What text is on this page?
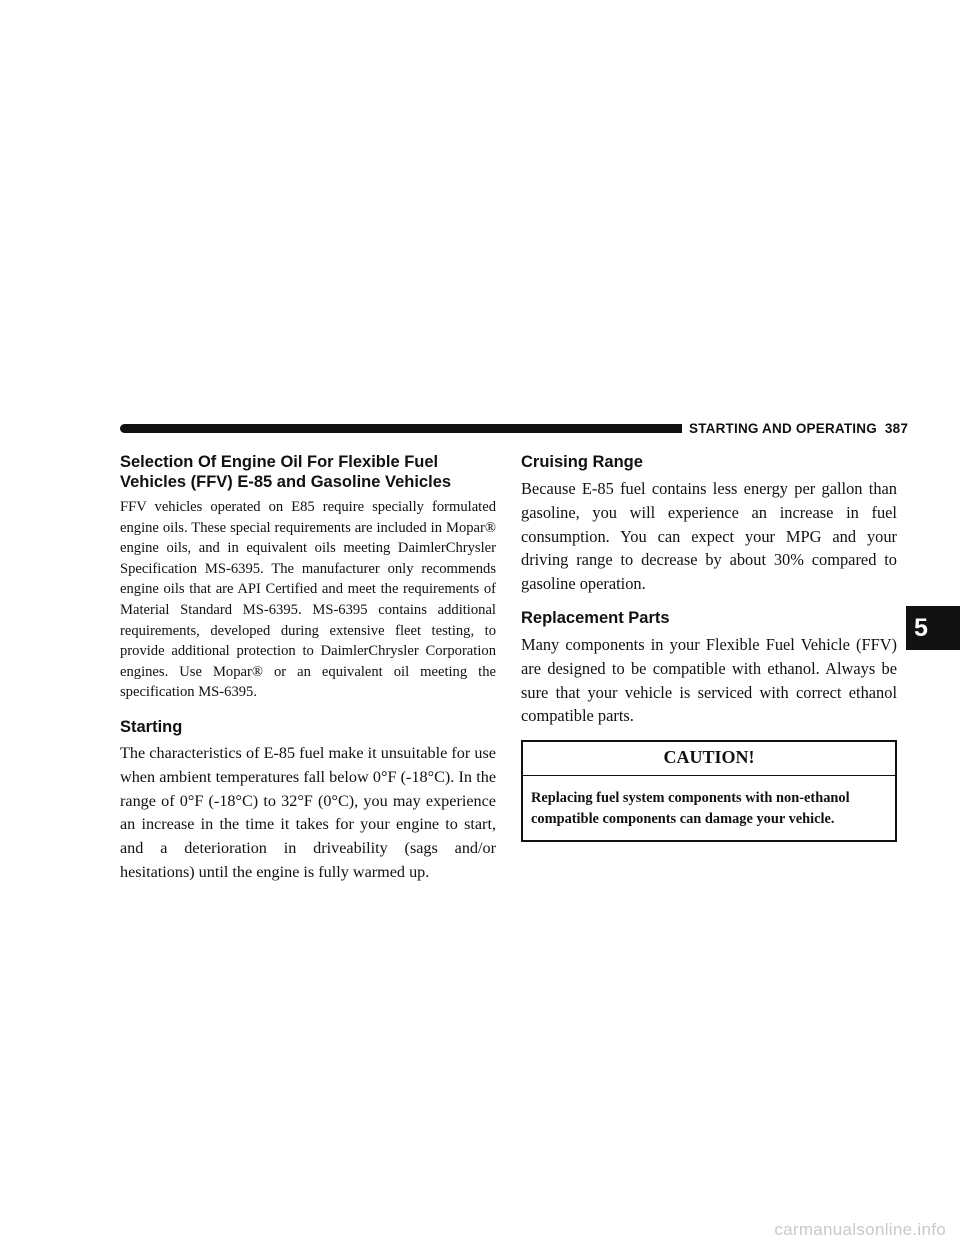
STARTING AND OPERATING 387
Selection Of Engine Oil For Flexible Fuel Vehicles (FFV) E-85 and Gasoline Vehicles

FFV vehicles operated on E85 require specially formulated engine oils. These special requirements are included in Mopar® engine oils, and in equivalent oils meeting DaimlerChrysler Specification MS-6395. The manufacturer only recommends engine oils that are API Certified and meet the requirements of Material Standard MS-6395. MS-6395 contains additional requirements, developed during extensive fleet testing, to provide additional protection to DaimlerChrysler Corporation engines. Use Mopar® or an equivalent oil meeting the specification MS-6395.

Starting

The characteristics of E-85 fuel make it unsuitable for use when ambient temperatures fall below 0°F (-18°C). In the range of 0°F (-18°C) to 32°F (0°C), you may experience an increase in the time it takes for your engine to start, and a deterioration in driveability (sags and/or hesitations) until the engine is fully warmed up.

Cruising Range

Because E-85 fuel contains less energy per gallon than gasoline, you will experience an increase in fuel consumption. You can expect your MPG and your driving range to decrease by about 30% compared to gasoline operation.

Replacement Parts

Many components in your Flexible Fuel Vehicle (FFV) are designed to be compatible with ethanol. Always be sure that your vehicle is serviced with correct ethanol compatible parts.

CAUTION!
Replacing fuel system components with non-ethanol compatible components can damage your vehicle.
5
carmanualsonline.info
